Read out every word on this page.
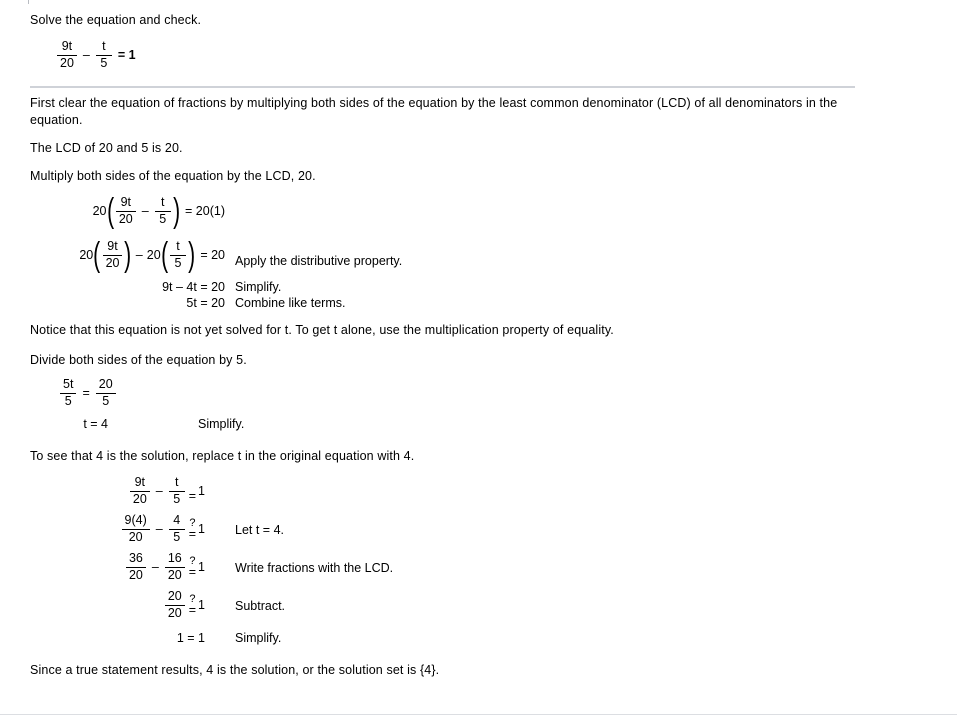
Solve the equation and check.
$\frac{9t}{20} - \frac{t}{5} = 1$
First clear the equation of fractions by multiplying both sides of the equation by the least common denominator (LCD) of all denominators in the equation.
The LCD of 20 and 5 is 20.
Multiply both sides of the equation by the LCD, 20.
20 ( $\frac{9t}{20} - \frac{t}{5}$ ) = 20(1)
20 ( $\frac{9t}{20}$ ) – 20 ( $\frac{t}{5}$ ) = 20 Apply the distributive property.
9t – 4t = 20 Simplify.
5t = 20 Combine like terms.
Notice that this equation is not yet solved for t. To get t alone, use the multiplication property of equality.
Divide both sides of the equation by 5.
$\frac{5t}{5} = \frac{20}{5}$
t = 4	Simplify.
To see that 4 is the solution, replace t in the original equation with 4.
$\frac{9t}{20} - \frac{t}{5} = 1$
$\frac{9(4)}{20} - \frac{4}{5}$ ?
= 1 Let t = 4.
$\frac{36}{20} - \frac{16}{20}$ ?
= 1 Write fractions with the LCD.
$\frac{20}{20}$ ?
= 1 Subtract.
1 = 1 Simplify.
Since a true statement results, 4 is the solution, or the solution set is {4}.
